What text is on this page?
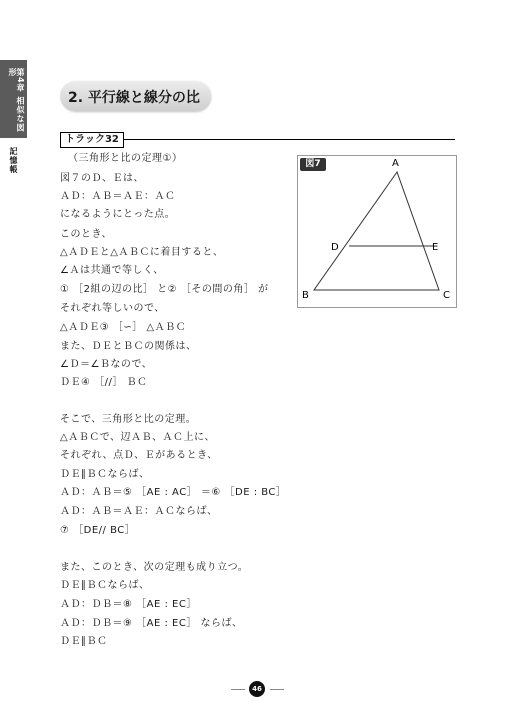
第4章 相似な図形
記憶帳
2. 平行線と線分の比
トラック32
（三角形と比の定理①）
図７のＤ、Ｅは、
ＡＤ：ＡＢ＝ＡＥ：ＡＣ
になるようにとった点。
このとき、
△ＡＤＥと△ＡＢＣに着目すると、
∠Ａは共通で等しく、
① ［2組の辺の比］ と② ［その間の角］ が
それぞれ等しいので、
△ＡＤＥ③ ［∽］ △ＡＢＣ
また、ＤＥとＢＣの関係は、
∠Ｄ＝∠Ｂなので、
ＤＥ④ ［//］ ＢＣ
そこで、三角形と比の定理。
△ＡＢＣで、辺ＡＢ、ＡＣ上に、
それぞれ、点Ｄ、Ｅがあるとき、
ＤＥ∥ＢＣならば、
ＡＤ：ＡＢ＝⑤ ［AE : AC］ ＝⑥ ［DE : BC］
ＡＤ：ＡＢ＝ＡＥ：ＡＣならば、
⑦ ［DE// BC］
また、このとき、次の定理も成り立つ。
ＤＥ∥ＢＣならば、
ＡＤ：ＤＢ＝⑧ ［AE : EC］
ＡＤ：ＤＢ＝⑨ ［AE : EC］ ならば、
ＤＥ∥ＢＣ
図7	A
B	C
D	E
46
